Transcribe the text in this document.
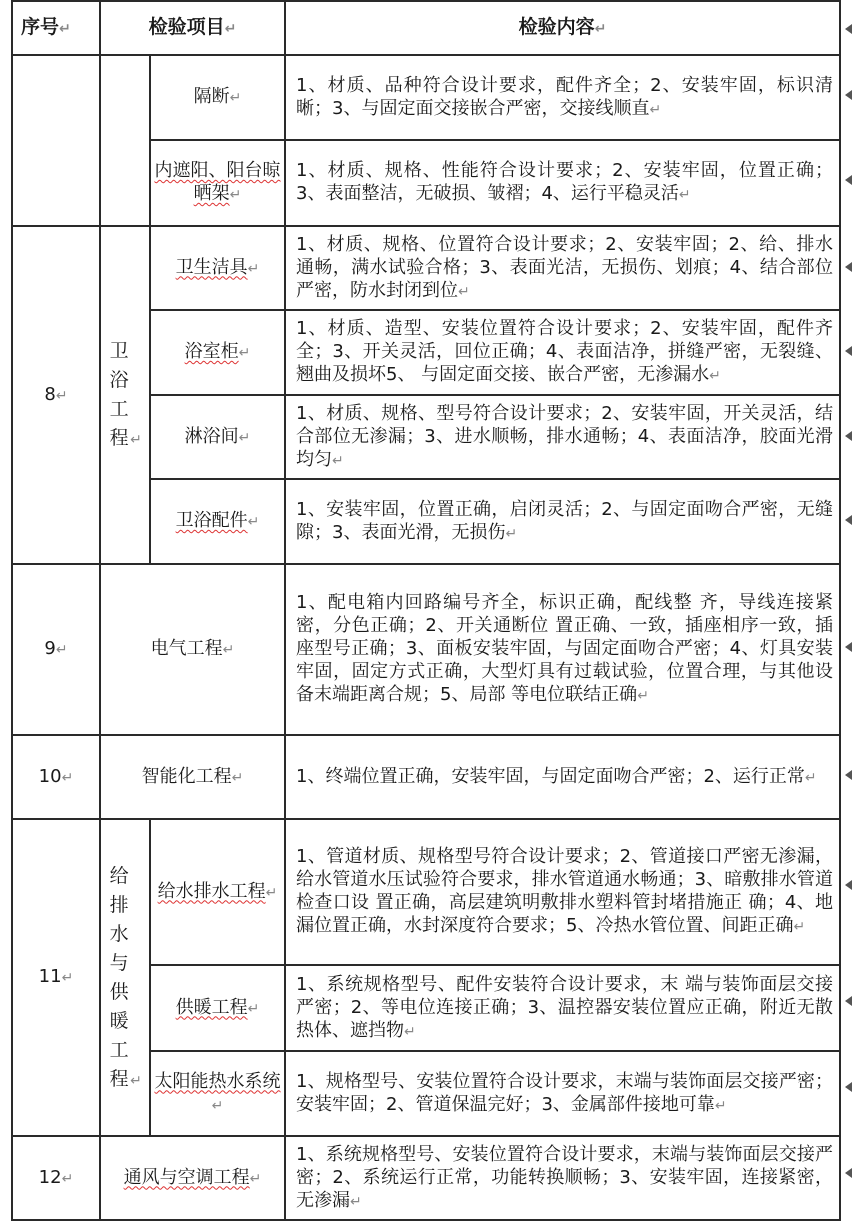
序号↵	检验项目↵		检验内容↵
		隔断↵	1、材质、品种符合设计要求，配件齐全；2、安装牢固，标识清晰；3、与固定面交接嵌合严密，交接线顺直↵
		内遮阳、阳台晾晒架↵	1、材质、规格、性能符合设计要求；2、安装牢固，位置正确；3、表面整洁，无破损、皱褶；4、运行平稳灵活↵
8↵	卫浴工程 ↵	卫生洁具↵	1、材质、规格、位置符合设计要求；2、安装牢固；2、给、排水通畅，满水试验合格；3、表面光洁，无损伤、划痕；4、结合部位严密，防水封闭到位↵
		浴室柜↵	1、材质、造型、安装位置符合设计要求；2、安装牢固，配件齐全；3、开关灵活，回位正确；4、表面洁净，拼缝严密，无裂缝、翘曲及损坏5、 与固定面交接、嵌合严密，无渗漏水↵
		淋浴间↵	1、材质、规格、型号符合设计要求；2、安装牢固，开关灵活，结合部位无渗漏；3、进水顺畅，排水通畅；4、表面洁净，胶面光滑均匀↵
		卫浴配件↵	1、安装牢固，位置正确，启闭灵活；2、与固定面吻合严密，无缝隙；3、表面光滑，无损伤↵
9↵	电气工程↵		1、配电箱内回路编号齐全，标识正确，配线整 齐，导线连接紧密，分色正确；2、开关通断位 置正确、一致，插座相序一致，插座型号正确；3、面板安装牢固，与固定面吻合严密；4、灯具安装牢固，固定方式正确，大型灯具有过载试验，位置合理，与其他设备末端距离合规；5、局部 等电位联结正确↵
10↵	智能化工程↵		1、终端位置正确，安装牢固，与固定面吻合严密；2、运行正常↵
11↵	给排水与供暖工程 ↵	给水排水工程↵	1、管道材质、规格型号符合设计要求；2、管道接口严密无渗漏，给水管道水压试验符合要求，排水管道通水畅通；3、暗敷排水管道检查口设 置正确，高层建筑明敷排水塑料管封堵措施正 确；4、地漏位置正确，水封深度符合要求；5、冷热水管位置、间距正确↵
		供暖工程↵	1、系统规格型号、配件安装符合设计要求，末 端与装饰面层交接严密；2、等电位连接正确；3、温控器安装位置应正确，附近无散热体、遮挡物↵
		太阳能热水系统↵	1、规格型号、安装位置符合设计要求，末端与装饰面层交接严密；安装牢固；2、管道保温完好；3、金属部件接地可靠↵
12↵	通风与空调工程↵		1、系统规格型号、安装位置符合设计要求，末端与装饰面层交接严密；2、系统运行正常，功能转换顺畅；3、安装牢固，连接紧密，无渗漏↵
